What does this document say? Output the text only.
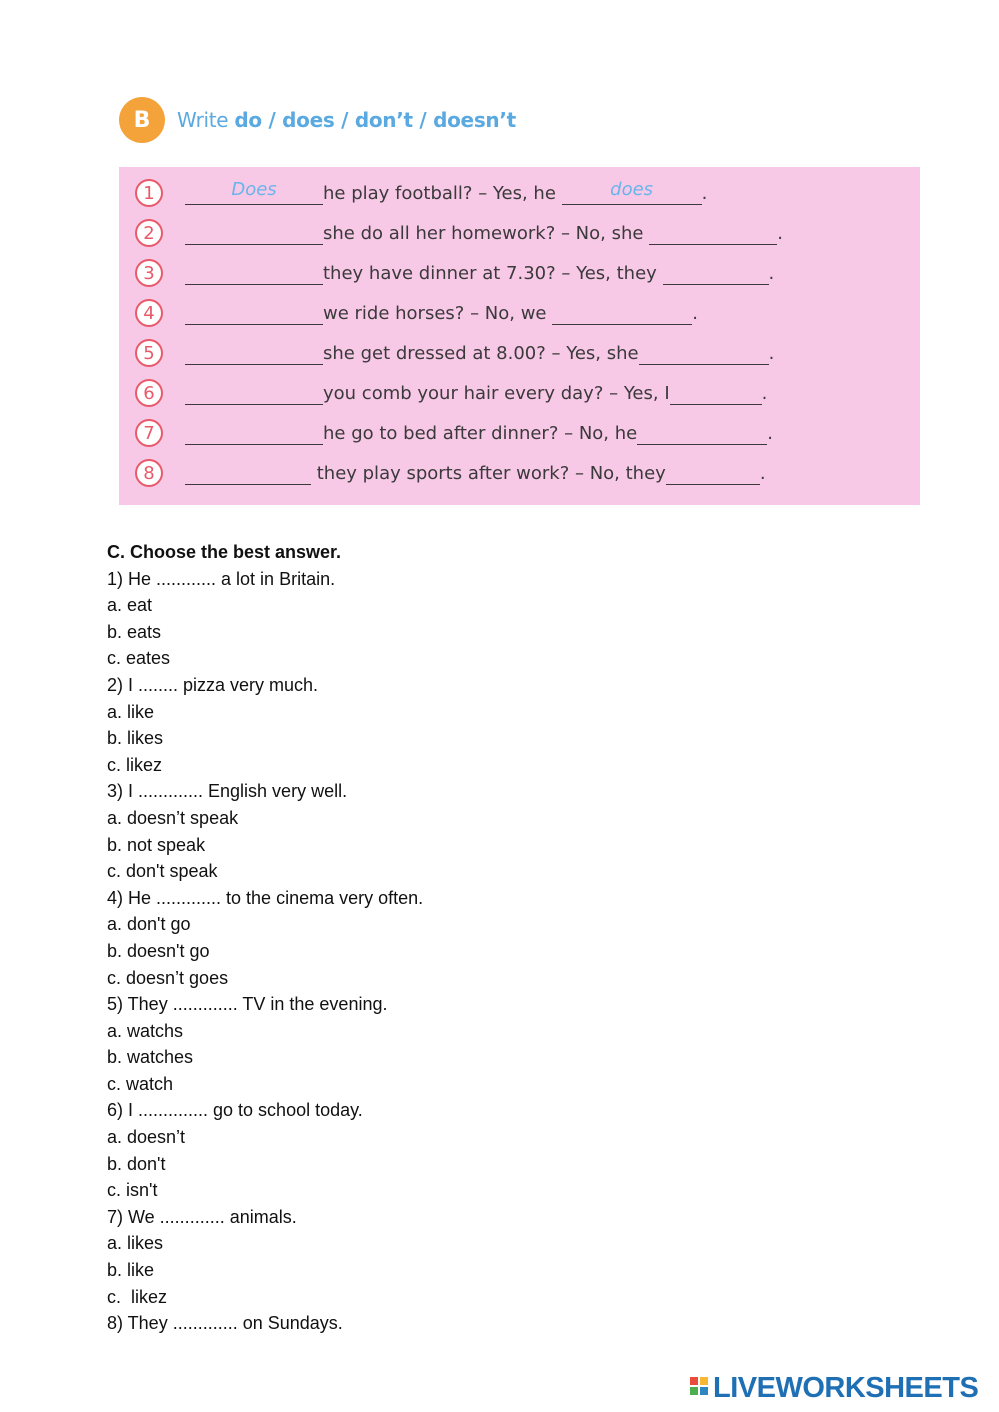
B	Write do / does / don’t / doesn’t
1	Does	he play football? – Yes, he	does	.
2	she do all her homework? – No, she	.
3	they have dinner at 7.30? – Yes, they	.
4	we ride horses? – No, we	.
5	she get dressed at 8.00? – Yes, she	.
6	you comb your hair every day? – Yes, I	.
7	he go to bed after dinner? – No, he	.
8	they play sports after work? – No, they	.
C. Choose the best answer.
1) He ............ a lot in Britain.
a. eat
b. eats
c. eates
2) I ........ pizza very much.
a. like
b. likes
c. likez
3) I ............. English very well.
a. doesn’t speak
b. not speak
c. don't speak
4) He ............. to the cinema very often.
a. don't go
b. doesn't go
c. doesn’t goes
5) They ............. TV in the evening.
a. watchs
b. watches
c. watch
6) I .............. go to school today.
a. doesn’t
b. don't
c. isn't
7) We ............. animals.
a. likes
b. like
c.  likez
8) They ............. on Sundays.
LIVEWORKSHEETS
